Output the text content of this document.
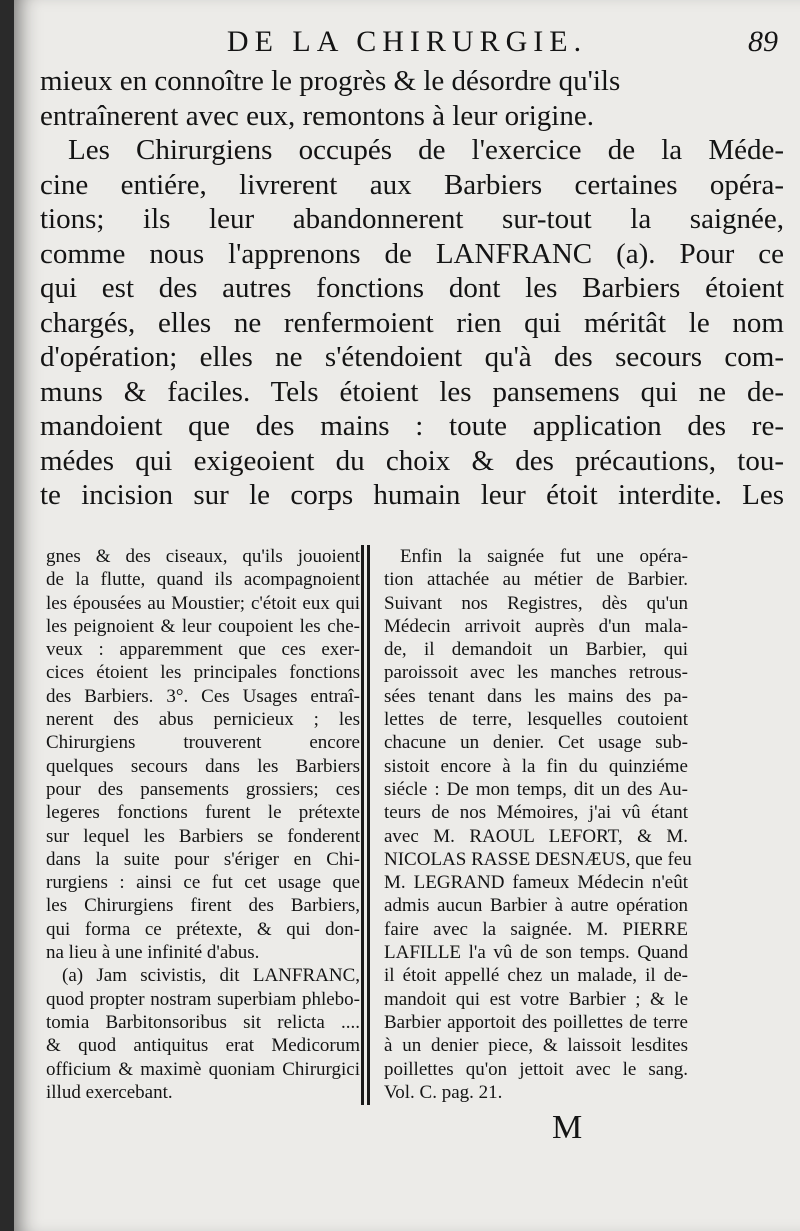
DE LA CHIRURGIE.	89
mieux en connoître le progrès & le désordre qu'ils
entraînerent avec eux, remontons à leur origine.
Les Chirurgiens occupés de l'exercice de la Méde-
cine entiére, livrerent aux Barbiers certaines opéra-
tions; ils leur abandonnerent sur-tout la saignée,
comme nous l'apprenons de LANFRANC (a). Pour ce
qui est des autres fonctions dont les Barbiers étoient
chargés, elles ne renfermoient rien qui méritât le nom
d'opération; elles ne s'étendoient qu'à des secours com-
muns & faciles. Tels étoient les pansemens qui ne de-
mandoient que des mains : toute application des re-
médes qui exigeoient du choix & des précautions, tou-
te incision sur le corps humain leur étoit interdite. Les
gnes & des ciseaux, qu'ils jouoient
de la flutte, quand ils acompagnoient
les épousées au Moustier; c'étoit eux qui
les peignoient & leur coupoient les che-
veux : apparemment que ces exer-
cices étoient les principales fonctions
des Barbiers. 3°. Ces Usages entraî-
nerent des abus pernicieux ; les
Chirurgiens trouverent encore
quelques secours dans les Barbiers
pour des pansements grossiers; ces
legeres fonctions furent le prétexte
sur lequel les Barbiers se fonderent
dans la suite pour s'ériger en Chi-
rurgiens : ainsi ce fut cet usage que
les Chirurgiens firent des Barbiers,
qui forma ce prétexte, & qui don-
na lieu à une infinité d'abus.
(a) Jam scivistis, dit LANFRANC,
quod propter nostram superbiam phlebo-
tomia Barbitonsoribus sit relicta ....
& quod antiquitus erat Medicorum
officium & maximè quoniam Chirurgici
illud exercebant.
Enfin la saignée fut une opéra-
tion attachée au métier de Barbier.
Suivant nos Registres, dès qu'un
Médecin arrivoit auprès d'un mala-
de, il demandoit un Barbier, qui
paroissoit avec les manches retrous-
sées tenant dans les mains des pa-
lettes de terre, lesquelles coutoient
chacune un denier. Cet usage sub-
sistoit encore à la fin du quinziéme
siécle : De mon temps, dit un des Au-
teurs de nos Mémoires, j'ai vû étant
avec M. RAOUL LEFORT, & M.
NICOLAS RASSE DESNÆUS, que feu
M. LEGRAND fameux Médecin n'eût
admis aucun Barbier à autre opération
faire avec la saignée. M. PIERRE
LAFILLE l'a vû de son temps. Quand
il étoit appellé chez un malade, il de-
mandoit qui est votre Barbier ; & le
Barbier apportoit des poillettes de terre
à un denier piece, & laissoit lesdites
poillettes qu'on jettoit avec le sang.
Vol. C. pag. 21.
M
